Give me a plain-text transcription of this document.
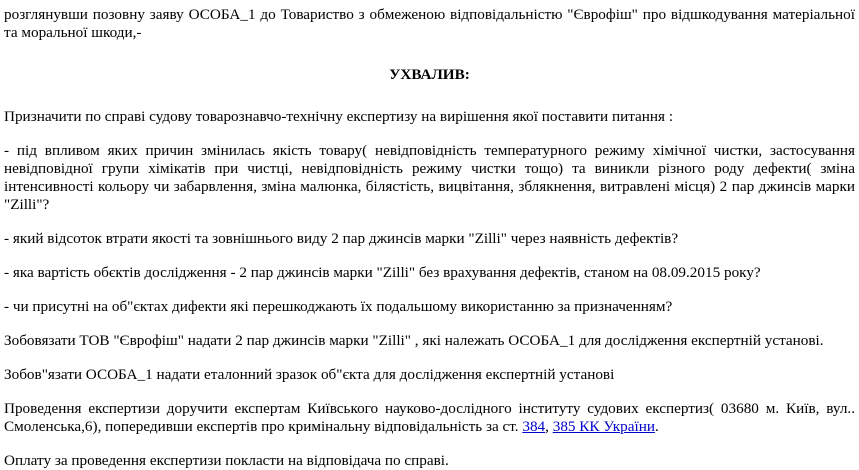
розглянувши позовну заяву ОСОБА_1 до Товариство з обмеженою відповідальністю "Єврофіш" про відшкодування матеріальної та моральної шкоди,-

УХВАЛИВ:

Призначити по справі судову товарознавчо-технічну експертизу на вирішення якої поставити питання :

- під впливом яких причин змінилась якість товару( невідповідність температурного режиму хімічної чистки, застосування невідповідної групи хімікатів при чистці, невідповідність режиму чистки тощо) та виникли різного роду дефекти( зміна інтенсивності кольору чи забарвлення, зміна малюнка, білястість, вицвітання, зблякнення, витравлені місця) 2 пар джинсів марки "Zilli"?

- який відсоток втрати якості та зовнішнього виду 2 пар джинсів марки "Zilli" через наявність дефектів?

- яка вартість обєктів дослідження - 2 пар джинсів марки "Zilli" без врахування дефектів, станом на 08.09.2015 року?

- чи присутні на об"єктах дифекти які перешкоджають їх подальшому використанню за призначенням?

Зобовязати ТОВ "Єврофіш" надати 2 пар джинсів марки "Zilli" , які належать ОСОБА_1 для дослідження експертній установі.

Зобов"язати ОСОБА_1 надати еталонний зразок об"єкта для дослідження експертній установі

Проведення експертизи доручити експертам Київського науково-дослідного інституту судових експертиз( 03680 м. Київ, вул.. Смоленська,6), попередивши експертів про кримінальну відповідальність за ст. 384, 385 КК України.

Оплату за проведення експертизи покласти на відповідача по справі.
